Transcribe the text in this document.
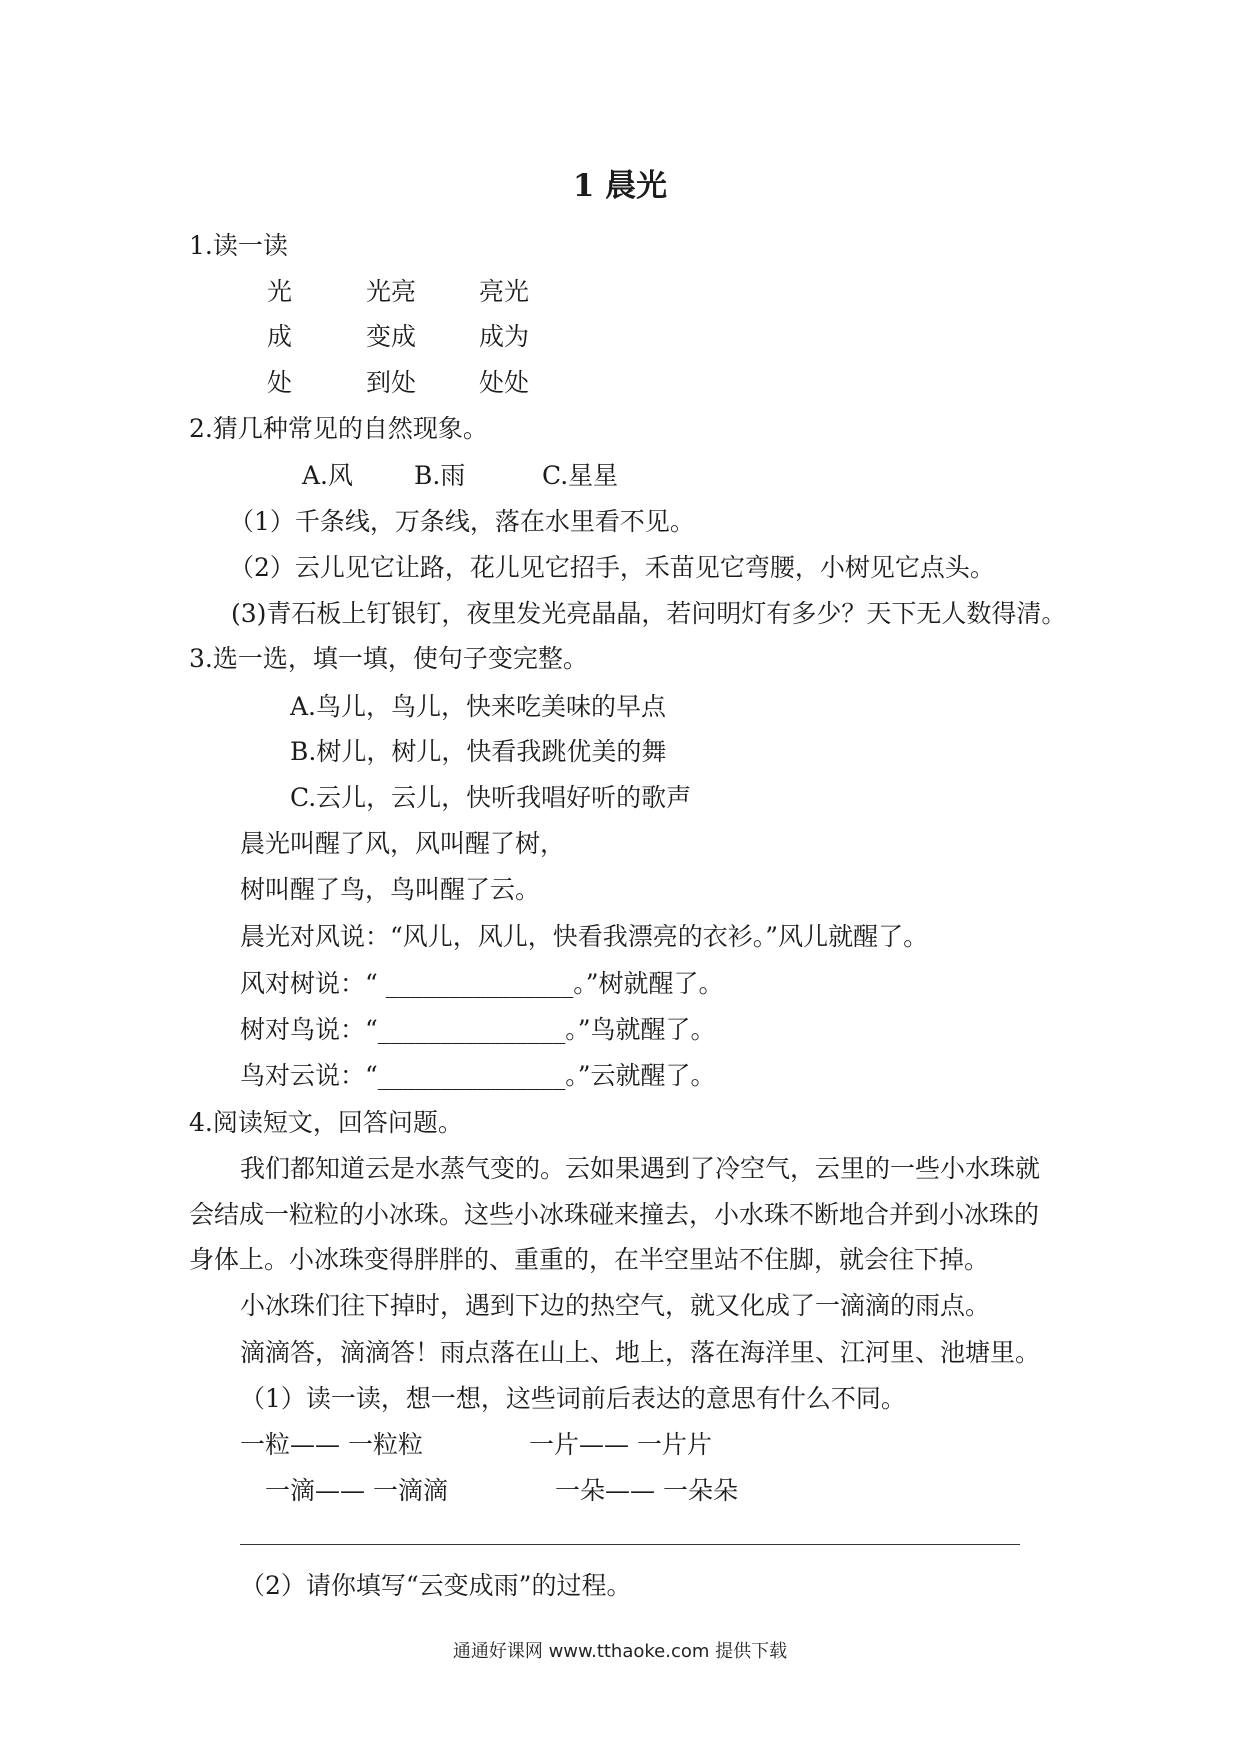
1 晨光
1.读一读
光	光亮	亮光
成	变成	成为
处	到处	处处
2.猜几种常见的自然现象。
A.风 B.雨	C.星星
（1）千条线，万条线，落在水里看不见。
（2）云儿见它让路，花儿见它招手，禾苗见它弯腰，小树见它点头。
(3)青石板上钉银钉，夜里发光亮晶晶，若问明灯有多少？天下无人数得清。
3.选一选，填一填，使句子变完整。
A.鸟儿，鸟儿，快来吃美味的早点
B.树儿，树儿，快看我跳优美的舞
C.云儿，云儿，快听我唱好听的歌声
晨光叫醒了风，风叫醒了树，
树叫醒了鸟，鸟叫醒了云。
晨光对风说：“风儿，风儿，快看我漂亮的衣衫。”风儿就醒了。
风对树说：“ _______________。”树就醒了。
树对鸟说：“_______________。”鸟就醒了。
鸟对云说：“_______________。”云就醒了。
4.阅读短文，回答问题。
我们都知道云是水蒸气变的。云如果遇到了冷空气，云里的一些小水珠就
会结成一粒粒的小冰珠。这些小冰珠碰来撞去，小水珠不断地合并到小冰珠的
身体上。小冰珠变得胖胖的、重重的，在半空里站不住脚，就会往下掉。
小冰珠们往下掉时，遇到下边的热空气，就又化成了一滴滴的雨点。
滴滴答，滴滴答！雨点落在山上、地上，落在海洋里、江河里、池塘里。
（1）读一读，想一想，这些词前后表达的意思有什么不同。
一粒—— 一粒粒	一片—— 一片片
一滴—— 一滴滴	一朵—— 一朵朵
（2）请你填写“云变成雨”的过程。
通通好课网 www.tthaoke.com 提供下载
